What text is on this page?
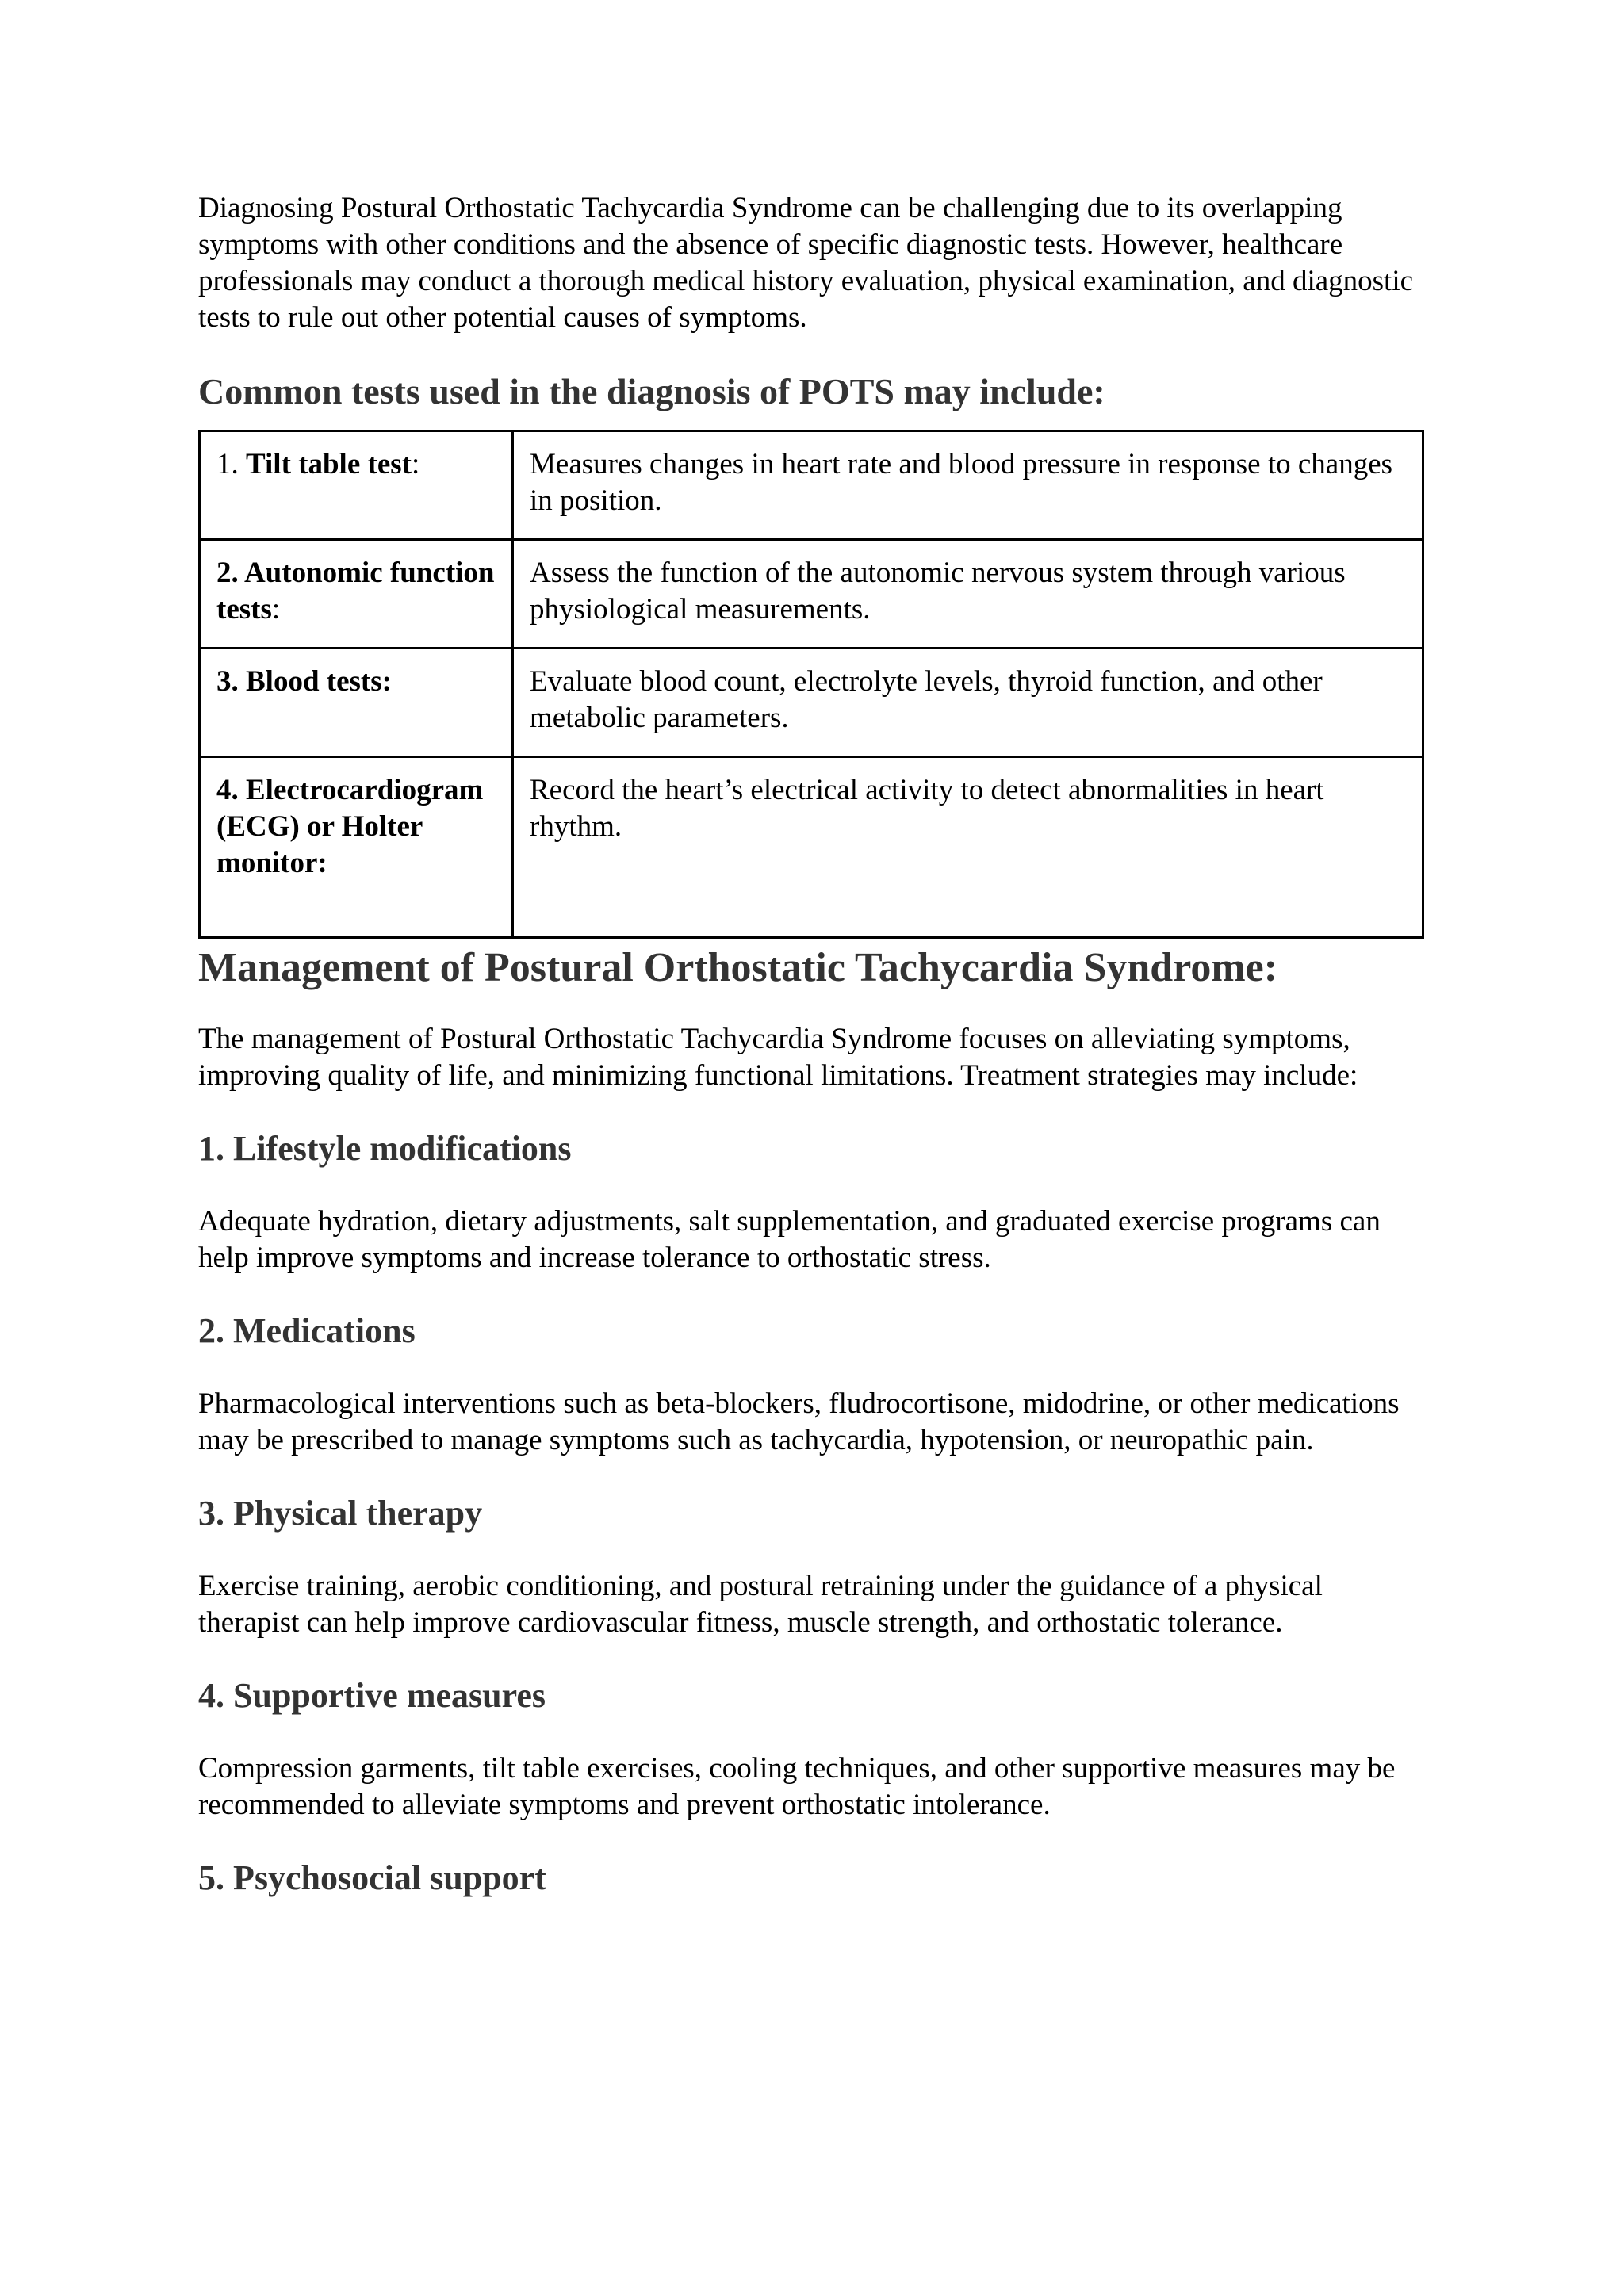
Diagnosing Postural Orthostatic Tachycardia Syndrome can be challenging due to its overlapping symptoms with other conditions and the absence of specific diagnostic tests. However, healthcare professionals may conduct a thorough medical history evaluation, physical examination, and diagnostic tests to rule out other potential causes of symptoms.

Common tests used in the diagnosis of POTS may include:
1. Tilt table test:	Measures changes in heart rate and blood pressure in response to changes in position.
2. Autonomic function tests:	Assess the function of the autonomic nervous system through various physiological measurements.
3. Blood tests:	Evaluate blood count, electrolyte levels, thyroid function, and other metabolic parameters.
4. Electrocardiogram (ECG) or Holter monitor:	Record the heart’s electrical activity to detect abnormalities in heart rhythm.
Management of Postural Orthostatic Tachycardia Syndrome:

The management of Postural Orthostatic Tachycardia Syndrome focuses on alleviating symptoms, improving quality of life, and minimizing functional limitations. Treatment strategies may include:

1. Lifestyle modifications

Adequate hydration, dietary adjustments, salt supplementation, and graduated exercise programs can help improve symptoms and increase tolerance to orthostatic stress.

2. Medications

Pharmacological interventions such as beta-blockers, fludrocortisone, midodrine, or other medications may be prescribed to manage symptoms such as tachycardia, hypotension, or neuropathic pain.

3. Physical therapy

Exercise training, aerobic conditioning, and postural retraining under the guidance of a physical therapist can help improve cardiovascular fitness, muscle strength, and orthostatic tolerance.

4. Supportive measures

Compression garments, tilt table exercises, cooling techniques, and other supportive measures may be recommended to alleviate symptoms and prevent orthostatic intolerance.

5. Psychosocial support
